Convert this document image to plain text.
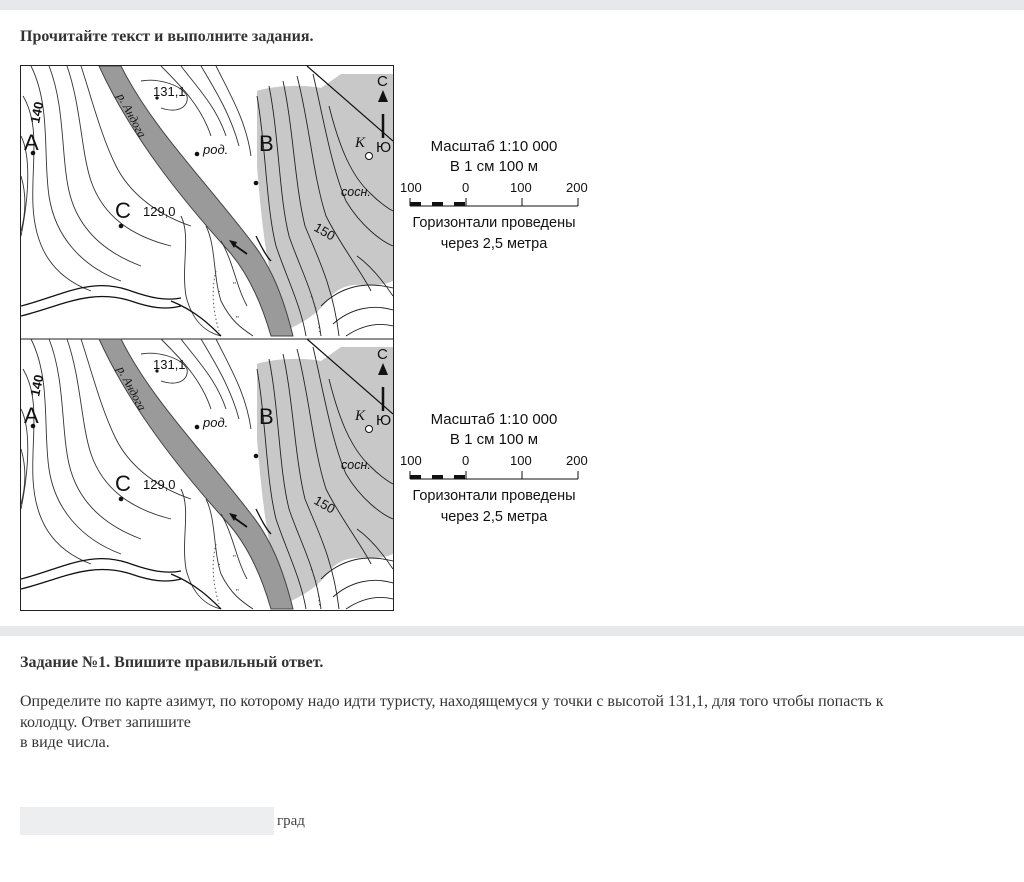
Прочитайте текст и выполните задания.
140
A	B
C
131,1
129,0
род.
сосн.
150
К
С
Ю
р. Андога
140
A	B
C
131,1
129,0
род.
сосн.
150
К
С
Ю
р. Андога
Масштаб 1:10 000
В 1 см 100 м
100	0	100	200
Горизонтали проведены
через 2,5 метра
Масштаб 1:10 000
В 1 см 100 м
100	0	100	200
Горизонтали проведены
через 2,5 метра
Задание №1. Впишите правильный ответ.
Определите по карте азимут, по которому надо идти туристу, находящемуся у точки с высотой 131,1, для того чтобы попасть к
колодцу. Ответ запишите
в виде числа.
град
